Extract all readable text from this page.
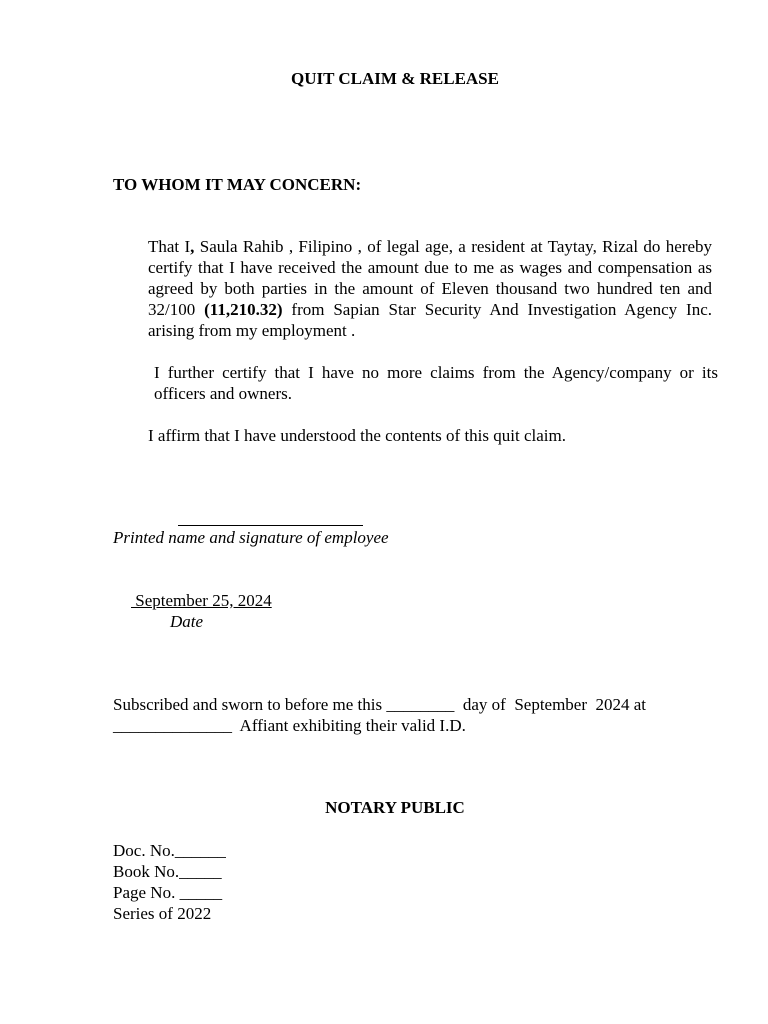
QUIT CLAIM & RELEASE
TO WHOM IT MAY CONCERN:
That I, Saula Rahib , Filipino , of legal age, a resident at Taytay, Rizal do hereby certify that I have received the amount due to me as wages and compensation as agreed by both parties in the amount of Eleven thousand two hundred ten and 32/100 (11,210.32) from Sapian Star Security And Investigation Agency Inc. arising from my employment .
I further certify that I have no more claims from the Agency/company or its officers and owners.
I affirm that I have understood the contents of this quit claim.
Printed name and signature of employee
September 25, 2024
Date
Subscribed and sworn to before me this ________  day of  September  2024 at
______________  Affiant exhibiting their valid I.D.
NOTARY PUBLIC
Doc. No.______
Book No._____
Page No. _____
Series of 2022
